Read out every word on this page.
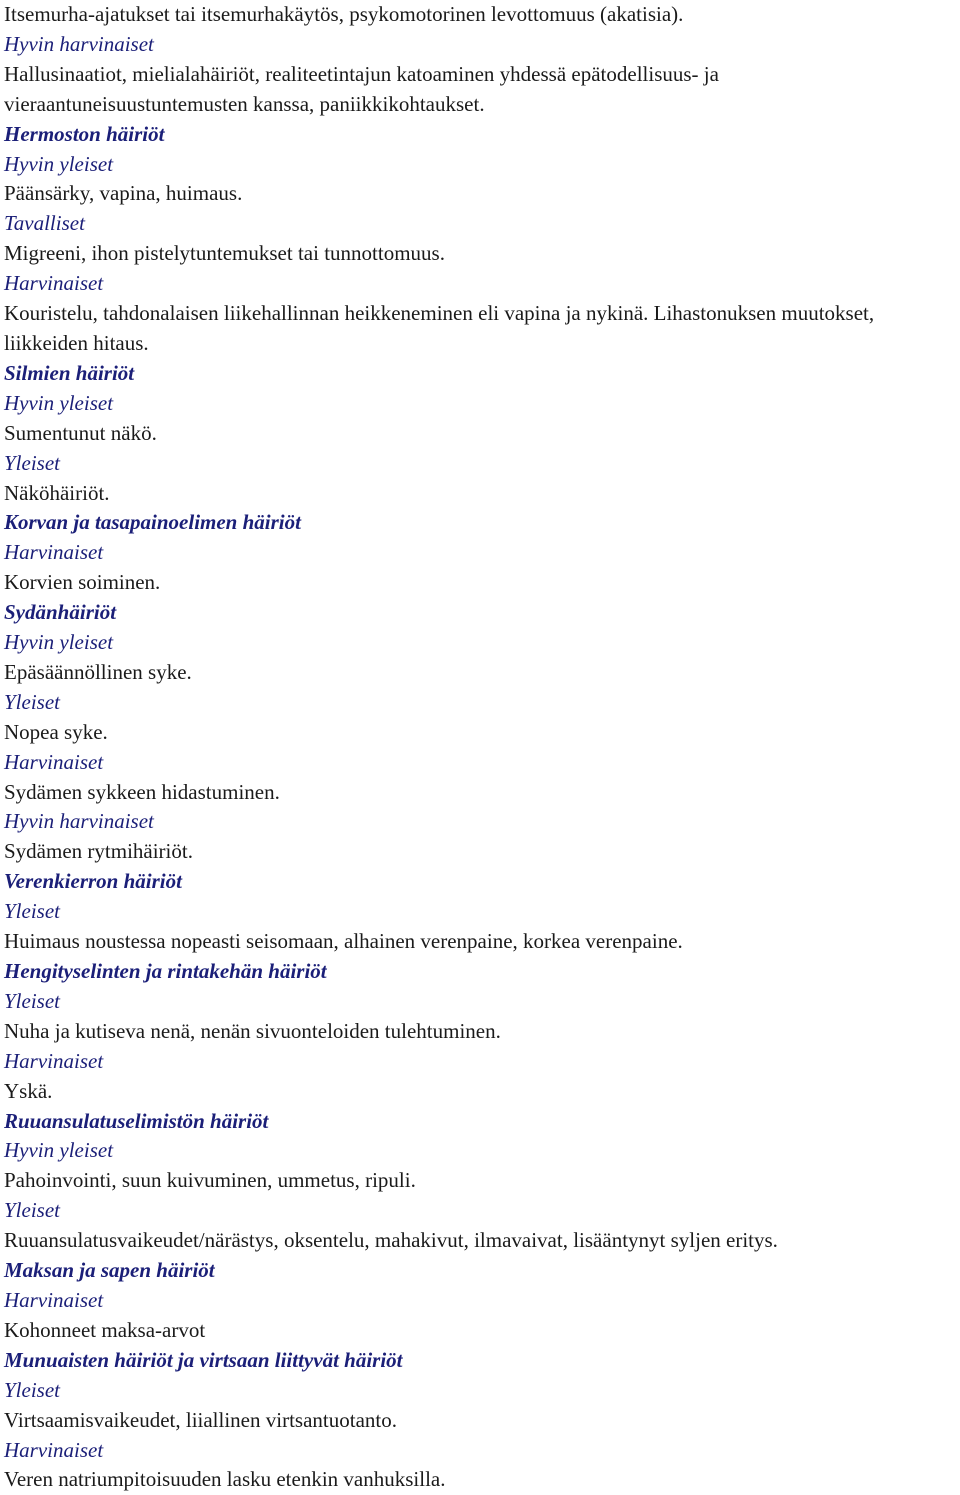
Itsemurha-ajatukset tai itsemurhakäytös, psykomotorinen levottomuus (akatisia).
Hyvin harvinaiset
Hallusinaatiot, mielialahäiriöt, realiteetintajun katoaminen yhdessä epätodellisuus- ja vieraantuneisuustuntemusten kanssa, paniikkikohtaukset.
Hermoston häiriöt
Hyvin yleiset
Päänsärky, vapina, huimaus.
Tavalliset
Migreeni, ihon pistelytuntemukset tai tunnottomuus.
Harvinaiset
Kouristelu, tahdonalaisen liikehallinnan heikkeneminen eli vapina ja nykinä. Lihastonuksen muutokset, liikkeiden hitaus.
Silmien häiriöt
Hyvin yleiset
Sumentunut näkö.
Yleiset
Näköhäiriöt.
Korvan ja tasapainoelimen häiriöt
Harvinaiset
Korvien soiminen.
Sydänhäiriöt
Hyvin yleiset
Epäsäännöllinen syke.
Yleiset
Nopea syke.
Harvinaiset
Sydämen sykkeen hidastuminen.
Hyvin harvinaiset
Sydämen rytmihäiriöt.
Verenkierron häiriöt
Yleiset
Huimaus noustessa nopeasti seisomaan, alhainen verenpaine, korkea verenpaine.
Hengityselinten ja rintakehän häiriöt
Yleiset
Nuha ja kutiseva nenä, nenän sivuonteloiden tulehtuminen.
Harvinaiset
Yskä.
Ruuansulatuselimistön häiriöt
Hyvin yleiset
Pahoinvointi, suun kuivuminen, ummetus, ripuli.
Yleiset
Ruuansulatusvaikeudet/närästys, oksentelu, mahakivut, ilmavaivat, lisääntynyt syljen eritys.
Maksan ja sapen häiriöt
Harvinaiset
Kohonneet maksa-arvot
Munuaisten häiriöt ja virtsaan liittyvät häiriöt
Yleiset
Virtsaamisvaikeudet, liiallinen virtsantuotanto.
Harvinaiset
Veren natriumpitoisuuden lasku etenkin vanhuksilla.
